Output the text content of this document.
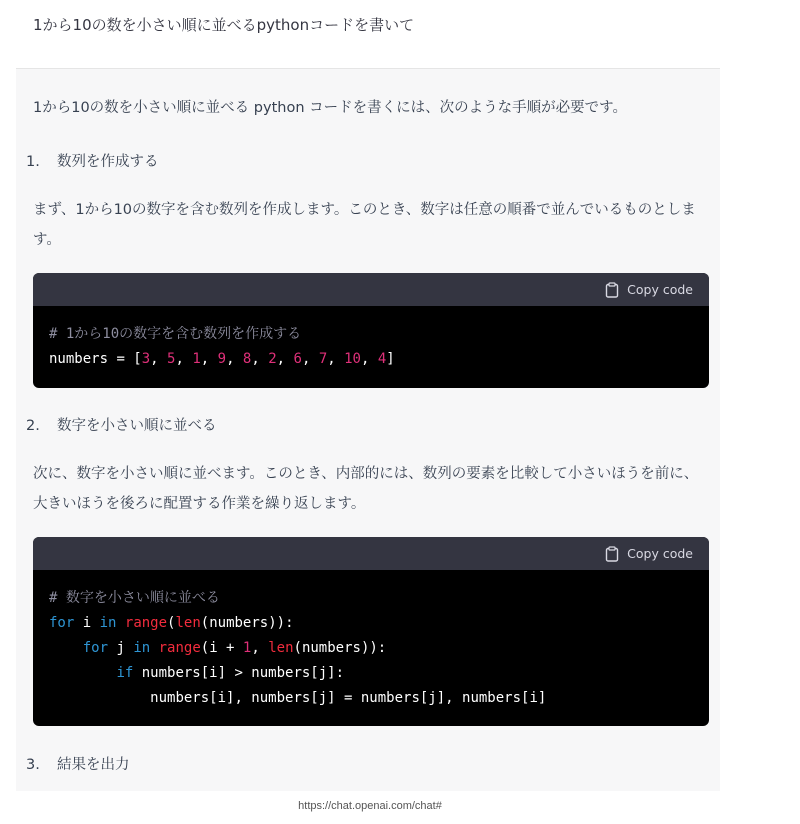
1から10の数を小さい順に並べるpythonコードを書いて
1から10の数を小さい順に並べる python コードを書くには、次のような手順が必要です。
1. 数列を作成する
まず、1から10の数字を含む数列を作成します。このとき、数字は任意の順番で並んでいるものとします。
Copy code
# 1から10の数字を含む数列を作成する
numbers = [3, 5, 1, 9, 8, 2, 6, 7, 10, 4]
2. 数字を小さい順に並べる
次に、数字を小さい順に並べます。このとき、内部的には、数列の要素を比較して小さいほうを前に、大きいほうを後ろに配置する作業を繰り返します。
Copy code
# 数字を小さい順に並べる
for i in range(len(numbers)):
for j in range(i + 1, len(numbers)):
if numbers[i] > numbers[j]:
numbers[i], numbers[j] = numbers[j], numbers[i]
3. 結果を出力
https://chat.openai.com/chat#
